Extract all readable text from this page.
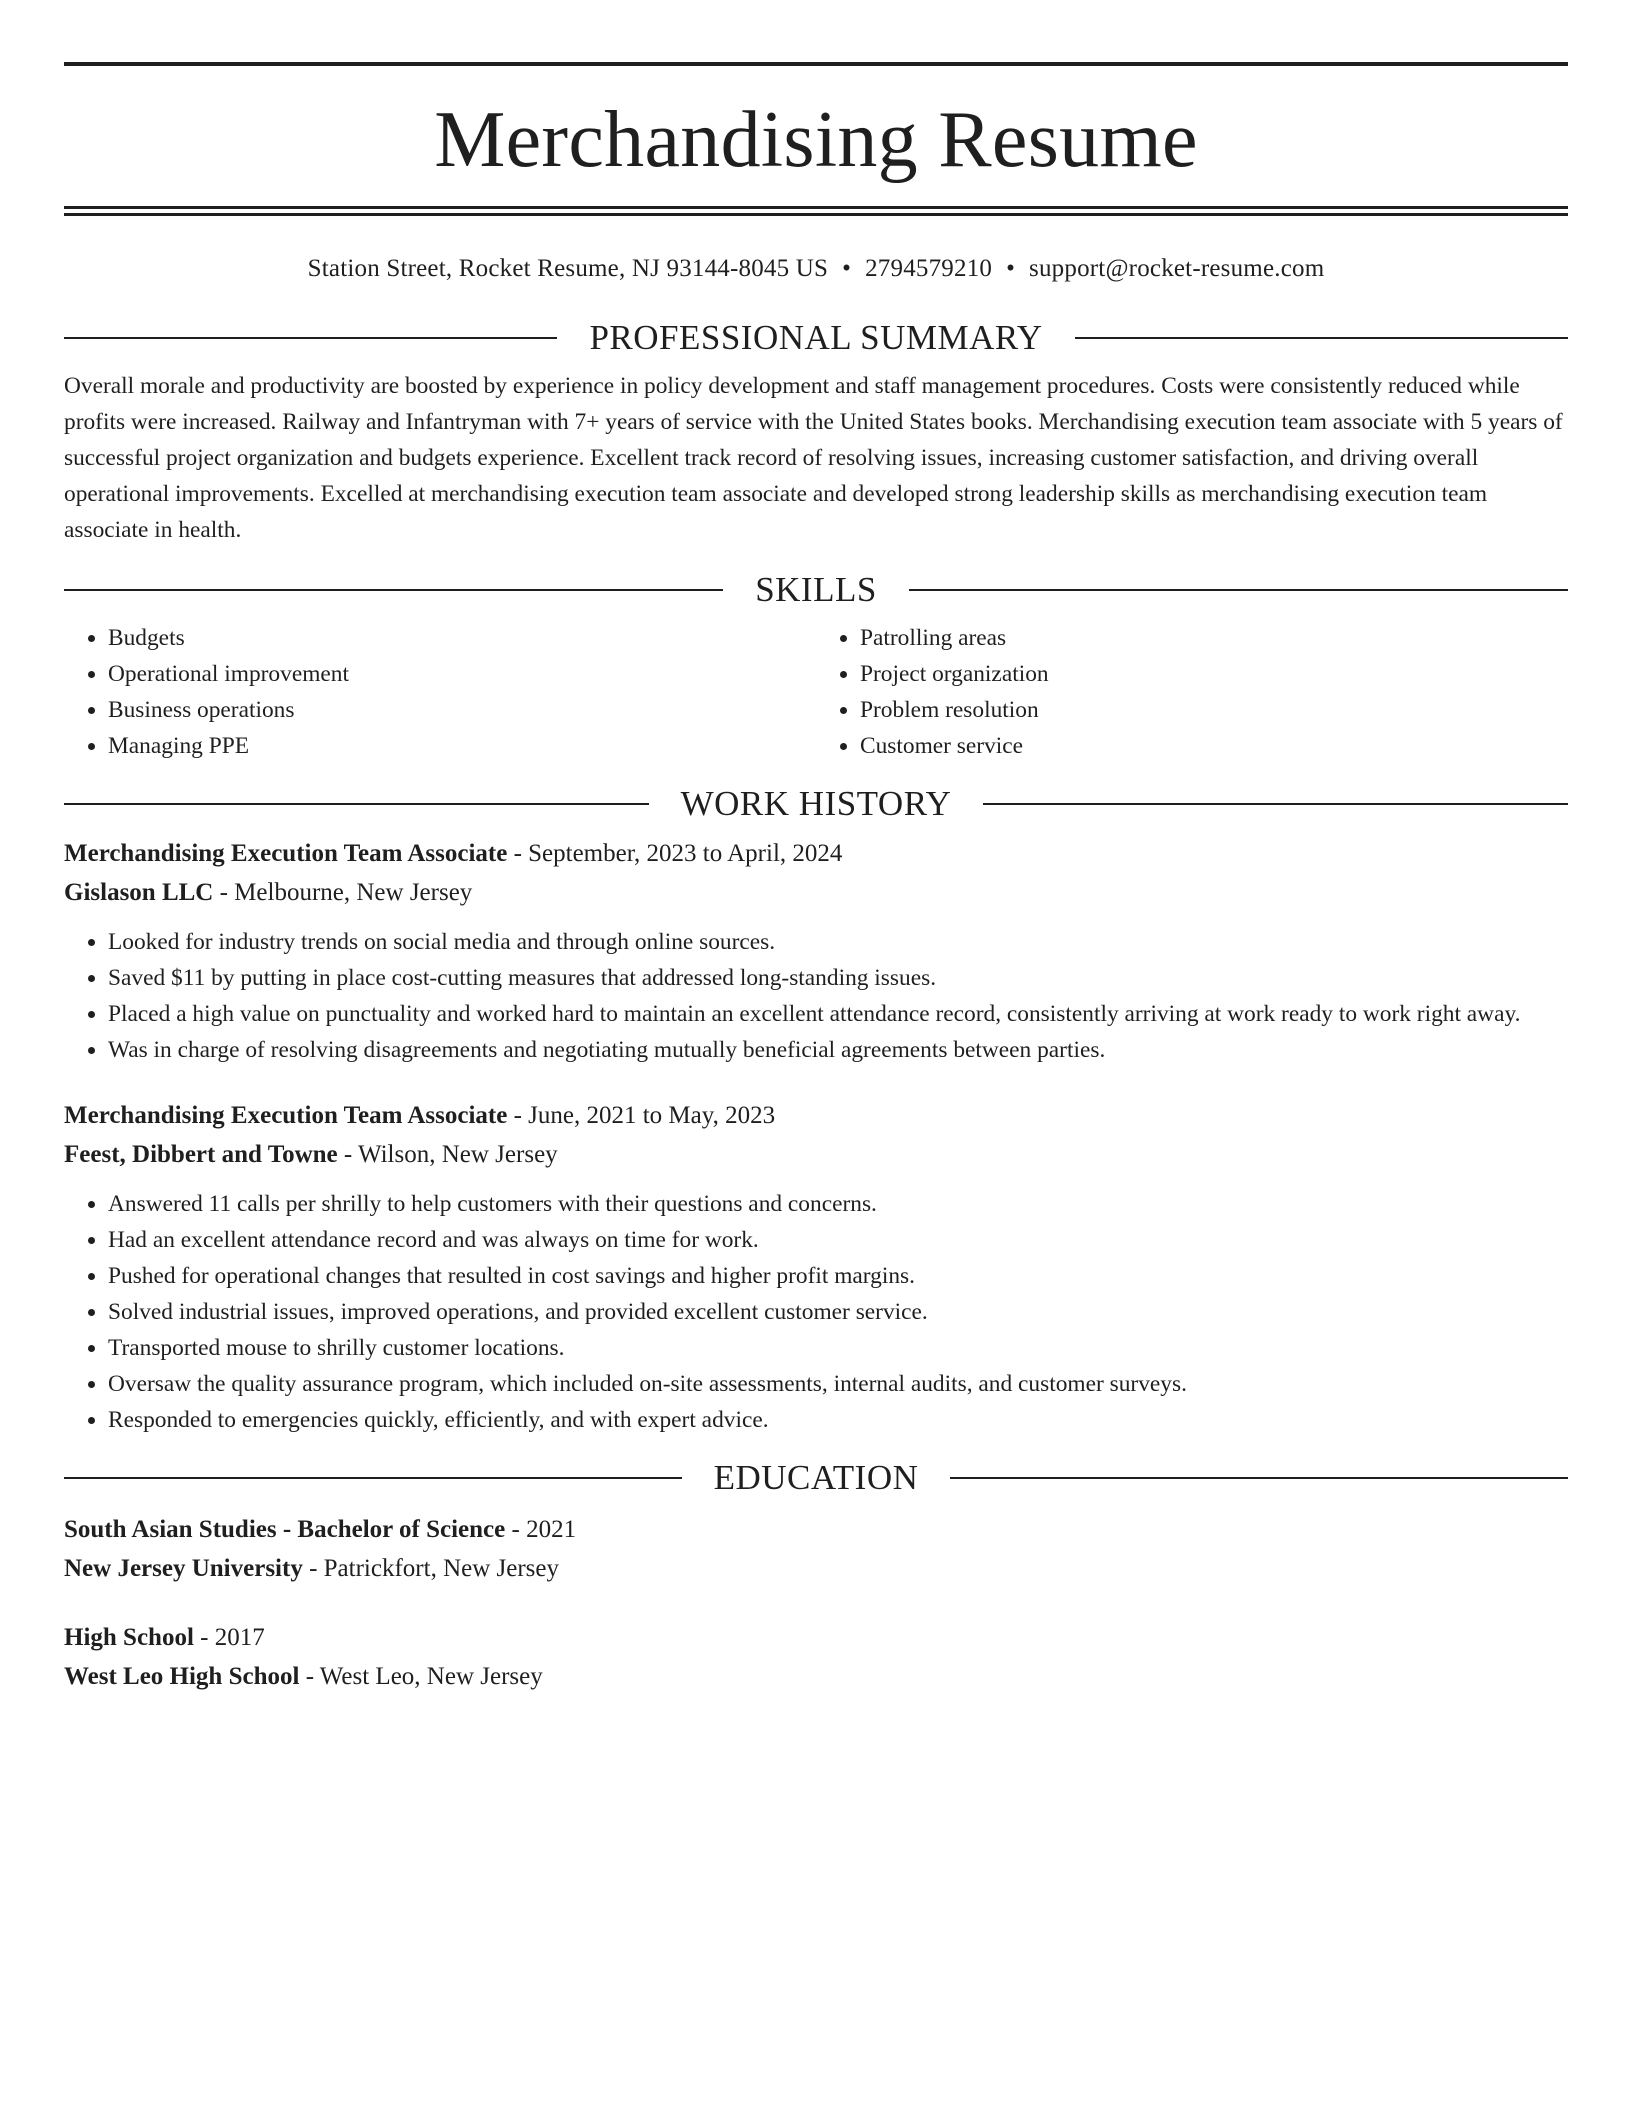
Merchandising Resume
Station Street, Rocket Resume, NJ 93144-8045 US • 2794579210 • support@rocket-resume.com
PROFESSIONAL SUMMARY
Overall morale and productivity are boosted by experience in policy development and staff management procedures. Costs were consistently reduced while profits were increased. Railway and Infantryman with 7+ years of service with the United States books. Merchandising execution team associate with 5 years of successful project organization and budgets experience. Excellent track record of resolving issues, increasing customer satisfaction, and driving overall operational improvements. Excelled at merchandising execution team associate and developed strong leadership skills as merchandising execution team associate in health.
SKILLS
• Budgets
• Operational improvement
• Business operations
• Managing PPE
• Patrolling areas
• Project organization
• Problem resolution
• Customer service
WORK HISTORY
Merchandising Execution Team Associate - September, 2023 to April, 2024
Gislason LLC - Melbourne, New Jersey
• Looked for industry trends on social media and through online sources.
• Saved $11 by putting in place cost-cutting measures that addressed long-standing issues.
• Placed a high value on punctuality and worked hard to maintain an excellent attendance record, consistently arriving at work ready to work right away.
• Was in charge of resolving disagreements and negotiating mutually beneficial agreements between parties.
Merchandising Execution Team Associate - June, 2021 to May, 2023
Feest, Dibbert and Towne - Wilson, New Jersey
• Answered 11 calls per shrilly to help customers with their questions and concerns.
• Had an excellent attendance record and was always on time for work.
• Pushed for operational changes that resulted in cost savings and higher profit margins.
• Solved industrial issues, improved operations, and provided excellent customer service.
• Transported mouse to shrilly customer locations.
• Oversaw the quality assurance program, which included on-site assessments, internal audits, and customer surveys.
• Responded to emergencies quickly, efficiently, and with expert advice.
EDUCATION
South Asian Studies - Bachelor of Science - 2021
New Jersey University - Patrickfort, New Jersey
High School - 2017
West Leo High School - West Leo, New Jersey
